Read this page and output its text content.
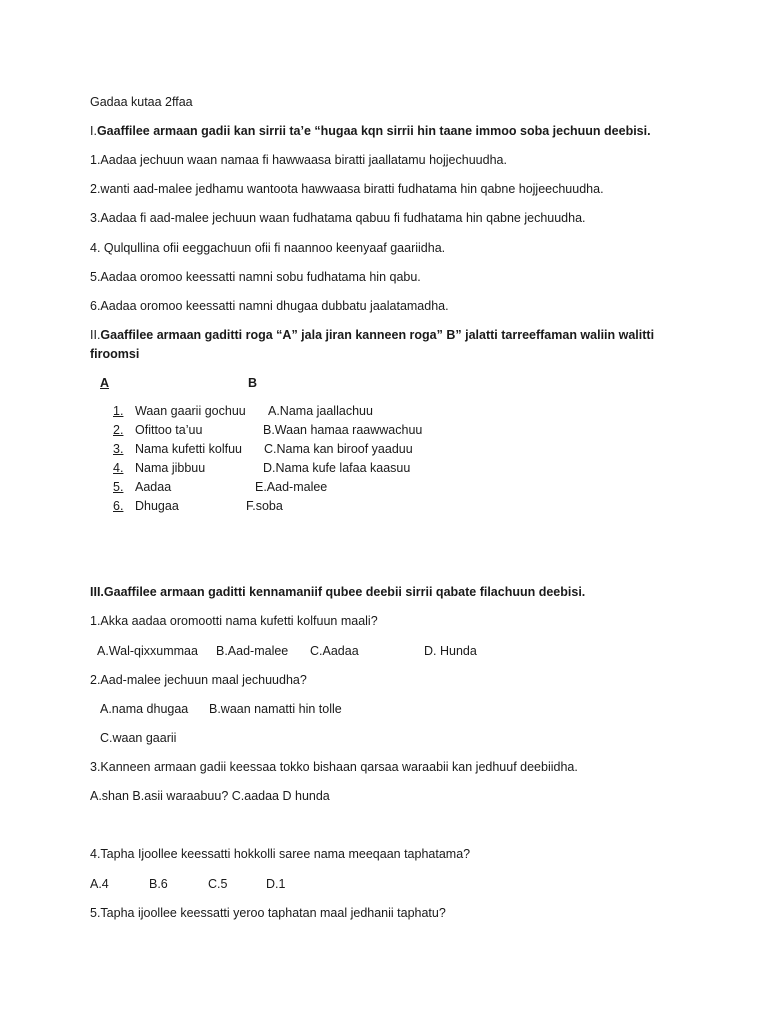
Gadaa kutaa 2ffaa
I.Gaaffilee armaan gadii kan sirrii ta’e “hugaa kqn sirrii hin taane immoo soba jechuun deebisi.
1.Aadaa jechuun waan namaa fi hawwaasa biratti jaallatamu hojjechuudha.
2.wanti aad-malee jedhamu wantoota hawwaasa biratti fudhatama hin qabne hojjeechuudha.
3.Aadaa fi aad-malee jechuun waan fudhatama qabuu fi fudhatama hin qabne jechuudha.
4. Qulqullina ofii eeggachuun ofii fi naannoo keenyaaf gaariidha.
5.Aadaa oromoo keessatti namni sobu fudhatama hin qabu.
6.Aadaa oromoo keessatti namni dhugaa dubbatu jaalatamadha.
II.Gaaffilee armaan gaditti roga “A” jala jiran kanneen roga” B” jalatti tarreeffaman waliin walitti
firoomsi
A	B
1. Waan gaarii gochuu A.Nama jaallachuu
2. Ofittoo ta’uu	B.Waan hamaa raawwachuu
3. Nama kufetti kolfuu C.Nama kan biroof yaaduu
4. Nama jibbuu	D.Nama kufe lafaa kaasuu
5. Aadaa	E.Aad-malee
6. Dhugaa	F.soba
III.Gaaffilee armaan gaditti kennamaniif qubee deebii sirrii qabate filachuun deebisi.
1.Akka aadaa oromootti nama kufetti kolfuun maali?
A.Wal-qixxummaa B.Aad-malee C.Aadaa	D. Hunda
2.Aad-malee jechuun maal jechuudha?
A.nama dhugaa B.waan namatti hin tolle
C.waan gaarii
3.Kanneen armaan gadii keessaa tokko bishaan qarsaa waraabii kan jedhuuf deebiidha.
A.shan B.asii waraabuu? C.aadaa D hunda
4.Tapha Ijoollee keessatti hokkolli saree nama meeqaan taphatama?
A.4	B.6	C.5	D.1
5.Tapha ijoollee keessatti yeroo taphatan maal jedhanii taphatu?
